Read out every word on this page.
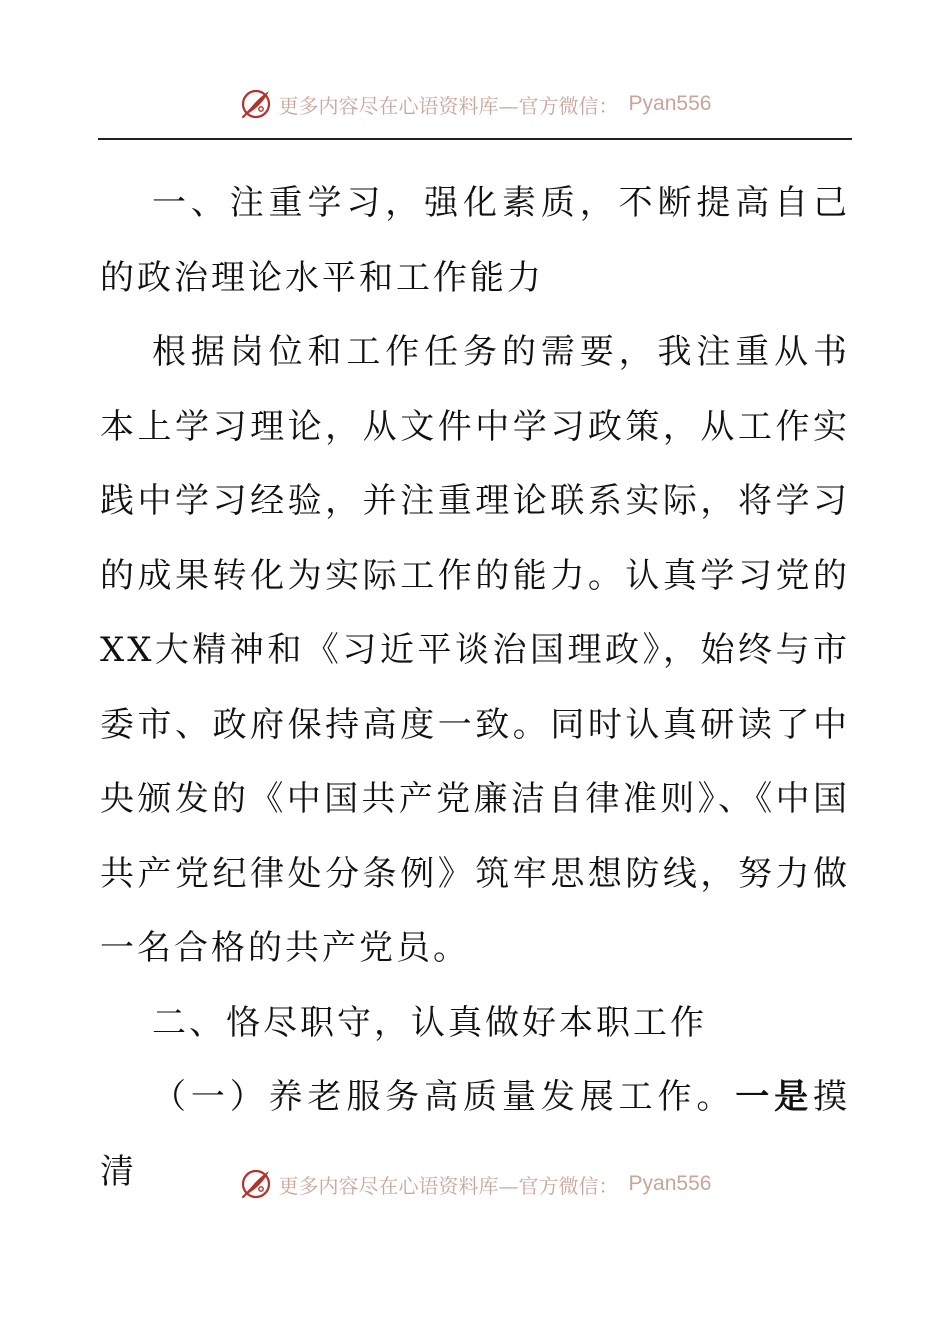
更多内容尽在心语资料库—官方微信： Pyan556

一、注重学习，强化素质，不断提高自己的政治理论水平和工作能力

根据岗位和工作任务的需要，我注重从书本上学习理论，从文件中学习政策，从工作实践中学习经验，并注重理论联系实际，将学习的成果转化为实际工作的能力。认真学习党的XX大精神和《习近平谈治国理政》，始终与市委市、政府保持高度一致。同时认真研读了中央颁发的《中国共产党廉洁自律准则》、《中国共产党纪律处分条例》筑牢思想防线，努力做一名合格的共产党员。

二、恪尽职守，认真做好本职工作

（一）养老服务高质量发展工作。一是摸清	更多内容尽在心语资料库—官方微信： Pyan556
